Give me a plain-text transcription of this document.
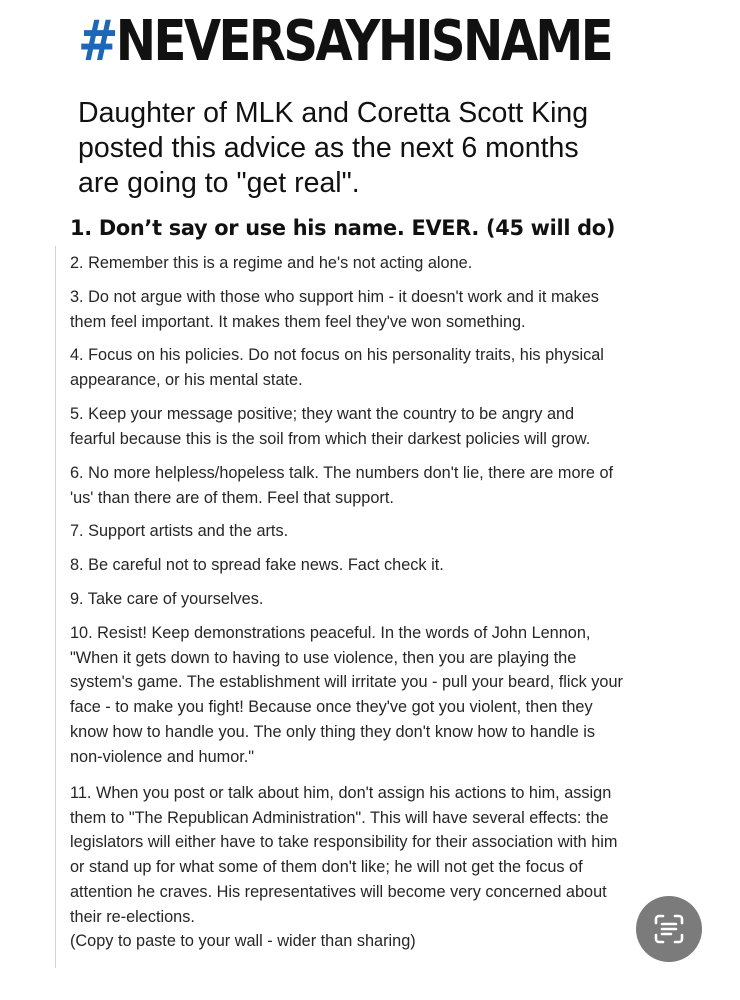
#NEVERSAYHISNAME
Daughter of MLK and Coretta Scott King
posted this advice as the next 6 months
are going to "get real".
1. Don’t say or use his name. EVER. (45 will do)
2. Remember this is a regime and he's not acting alone.
3. Do not argue with those who support him - it doesn't work and it makes
them feel important. It makes them feel they've won something.
4. Focus on his policies. Do not focus on his personality traits, his physical
appearance, or his mental state.
5. Keep your message positive; they want the country to be angry and
fearful because this is the soil from which their darkest policies will grow.
6. No more helpless/hopeless talk. The numbers don't lie, there are more of
'us' than there are of them. Feel that support.
7. Support artists and the arts.
8. Be careful not to spread fake news. Fact check it.
9. Take care of yourselves.
10. Resist! Keep demonstrations peaceful. In the words of John Lennon,
"When it gets down to having to use violence, then you are playing the
system's game. The establishment will irritate you - pull your beard, flick your
face - to make you fight! Because once they've got you violent, then they
know how to handle you. The only thing they don't know how to handle is
non-violence and humor."
11. When you post or talk about him, don't assign his actions to him, assign
them to "The Republican Administration". This will have several effects: the
legislators will either have to take responsibility for their association with him
or stand up for what some of them don't like; he will not get the focus of
attention he craves. His representatives will become very concerned about
their re-elections.
(Copy to paste to your wall - wider than sharing)
